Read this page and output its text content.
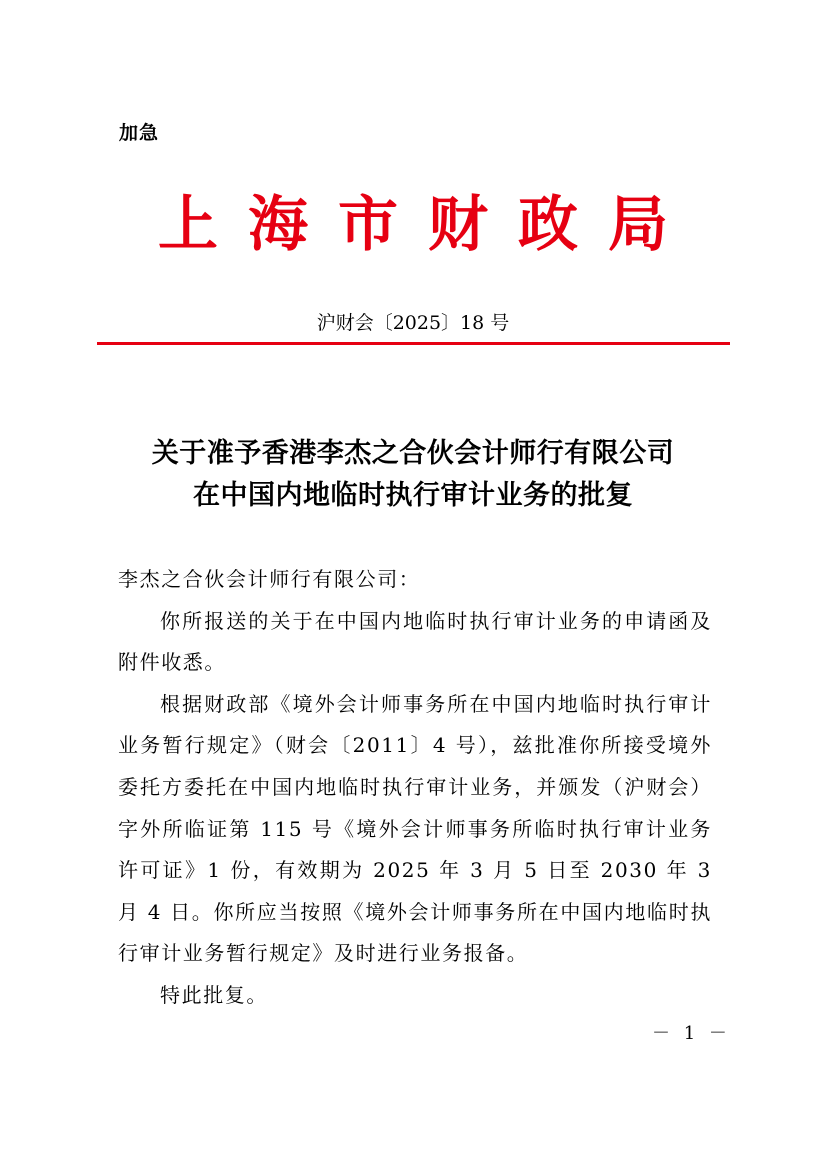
加急
上海市财政局
沪财会〔2025〕18 号
关于准予香港李杰之合伙会计师行有限公司
在中国内地临时执行审计业务的批复

李杰之合伙会计师行有限公司：

你所报送的关于在中国内地临时执行审计业务的申请函及附件收悉。

根据财政部《境外会计师事务所在中国内地临时执行审计业务暂行规定》（财会〔2011〕4 号），兹批准你所接受境外委托方委托在中国内地临时执行审计业务，并颁发（沪财会）字外所临证第 115 号《境外会计师事务所临时执行审计业务许可证》1 份，有效期为 2025 年 3 月 5 日至 2030 年 3 月 4 日。你所应当按照《境外会计师事务所在中国内地临时执行审计业务暂行规定》及时进行业务报备。

特此批复。

－ 1 －
